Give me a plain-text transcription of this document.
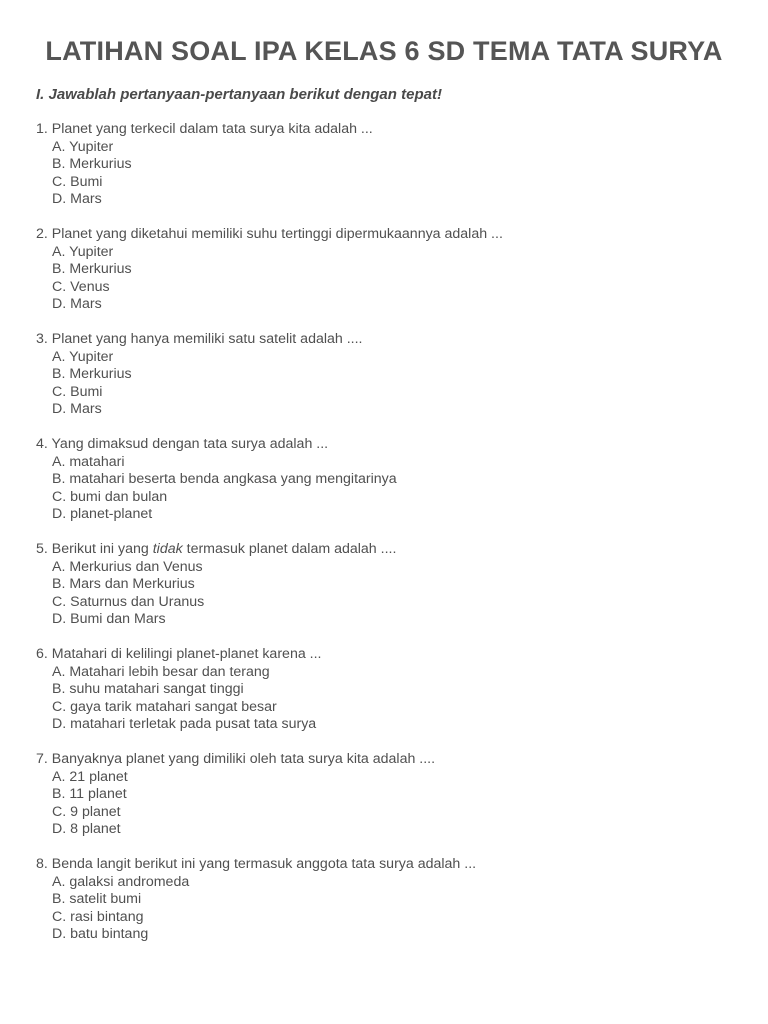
LATIHAN SOAL IPA KELAS 6 SD TEMA TATA SURYA
I. Jawablah pertanyaan-pertanyaan berikut dengan tepat!
1. Planet yang terkecil dalam tata surya kita adalah ...
A. Yupiter
B. Merkurius
C. Bumi
D. Mars
2. Planet yang diketahui memiliki suhu tertinggi dipermukaannya adalah ...
A. Yupiter
B. Merkurius
C. Venus
D. Mars
3. Planet yang hanya memiliki satu satelit adalah ....
A. Yupiter
B. Merkurius
C. Bumi
D. Mars
4. Yang dimaksud dengan tata surya adalah ...
A. matahari
B. matahari beserta benda angkasa yang mengitarinya
C. bumi dan bulan
D. planet-planet
5. Berikut ini yang tidak termasuk planet dalam adalah ....
A. Merkurius dan Venus
B. Mars dan Merkurius
C. Saturnus dan Uranus
D. Bumi dan Mars
6. Matahari di kelilingi planet-planet karena ...
A. Matahari lebih besar dan terang
B. suhu matahari sangat tinggi
C. gaya tarik matahari sangat besar
D. matahari terletak pada pusat tata surya
7. Banyaknya planet yang dimiliki oleh tata surya kita adalah ....
A. 21 planet
B. 11 planet
C. 9 planet
D. 8 planet
8. Benda langit berikut ini yang termasuk anggota tata surya adalah ...
A. galaksi andromeda
B. satelit bumi
C. rasi bintang
D. batu bintang
